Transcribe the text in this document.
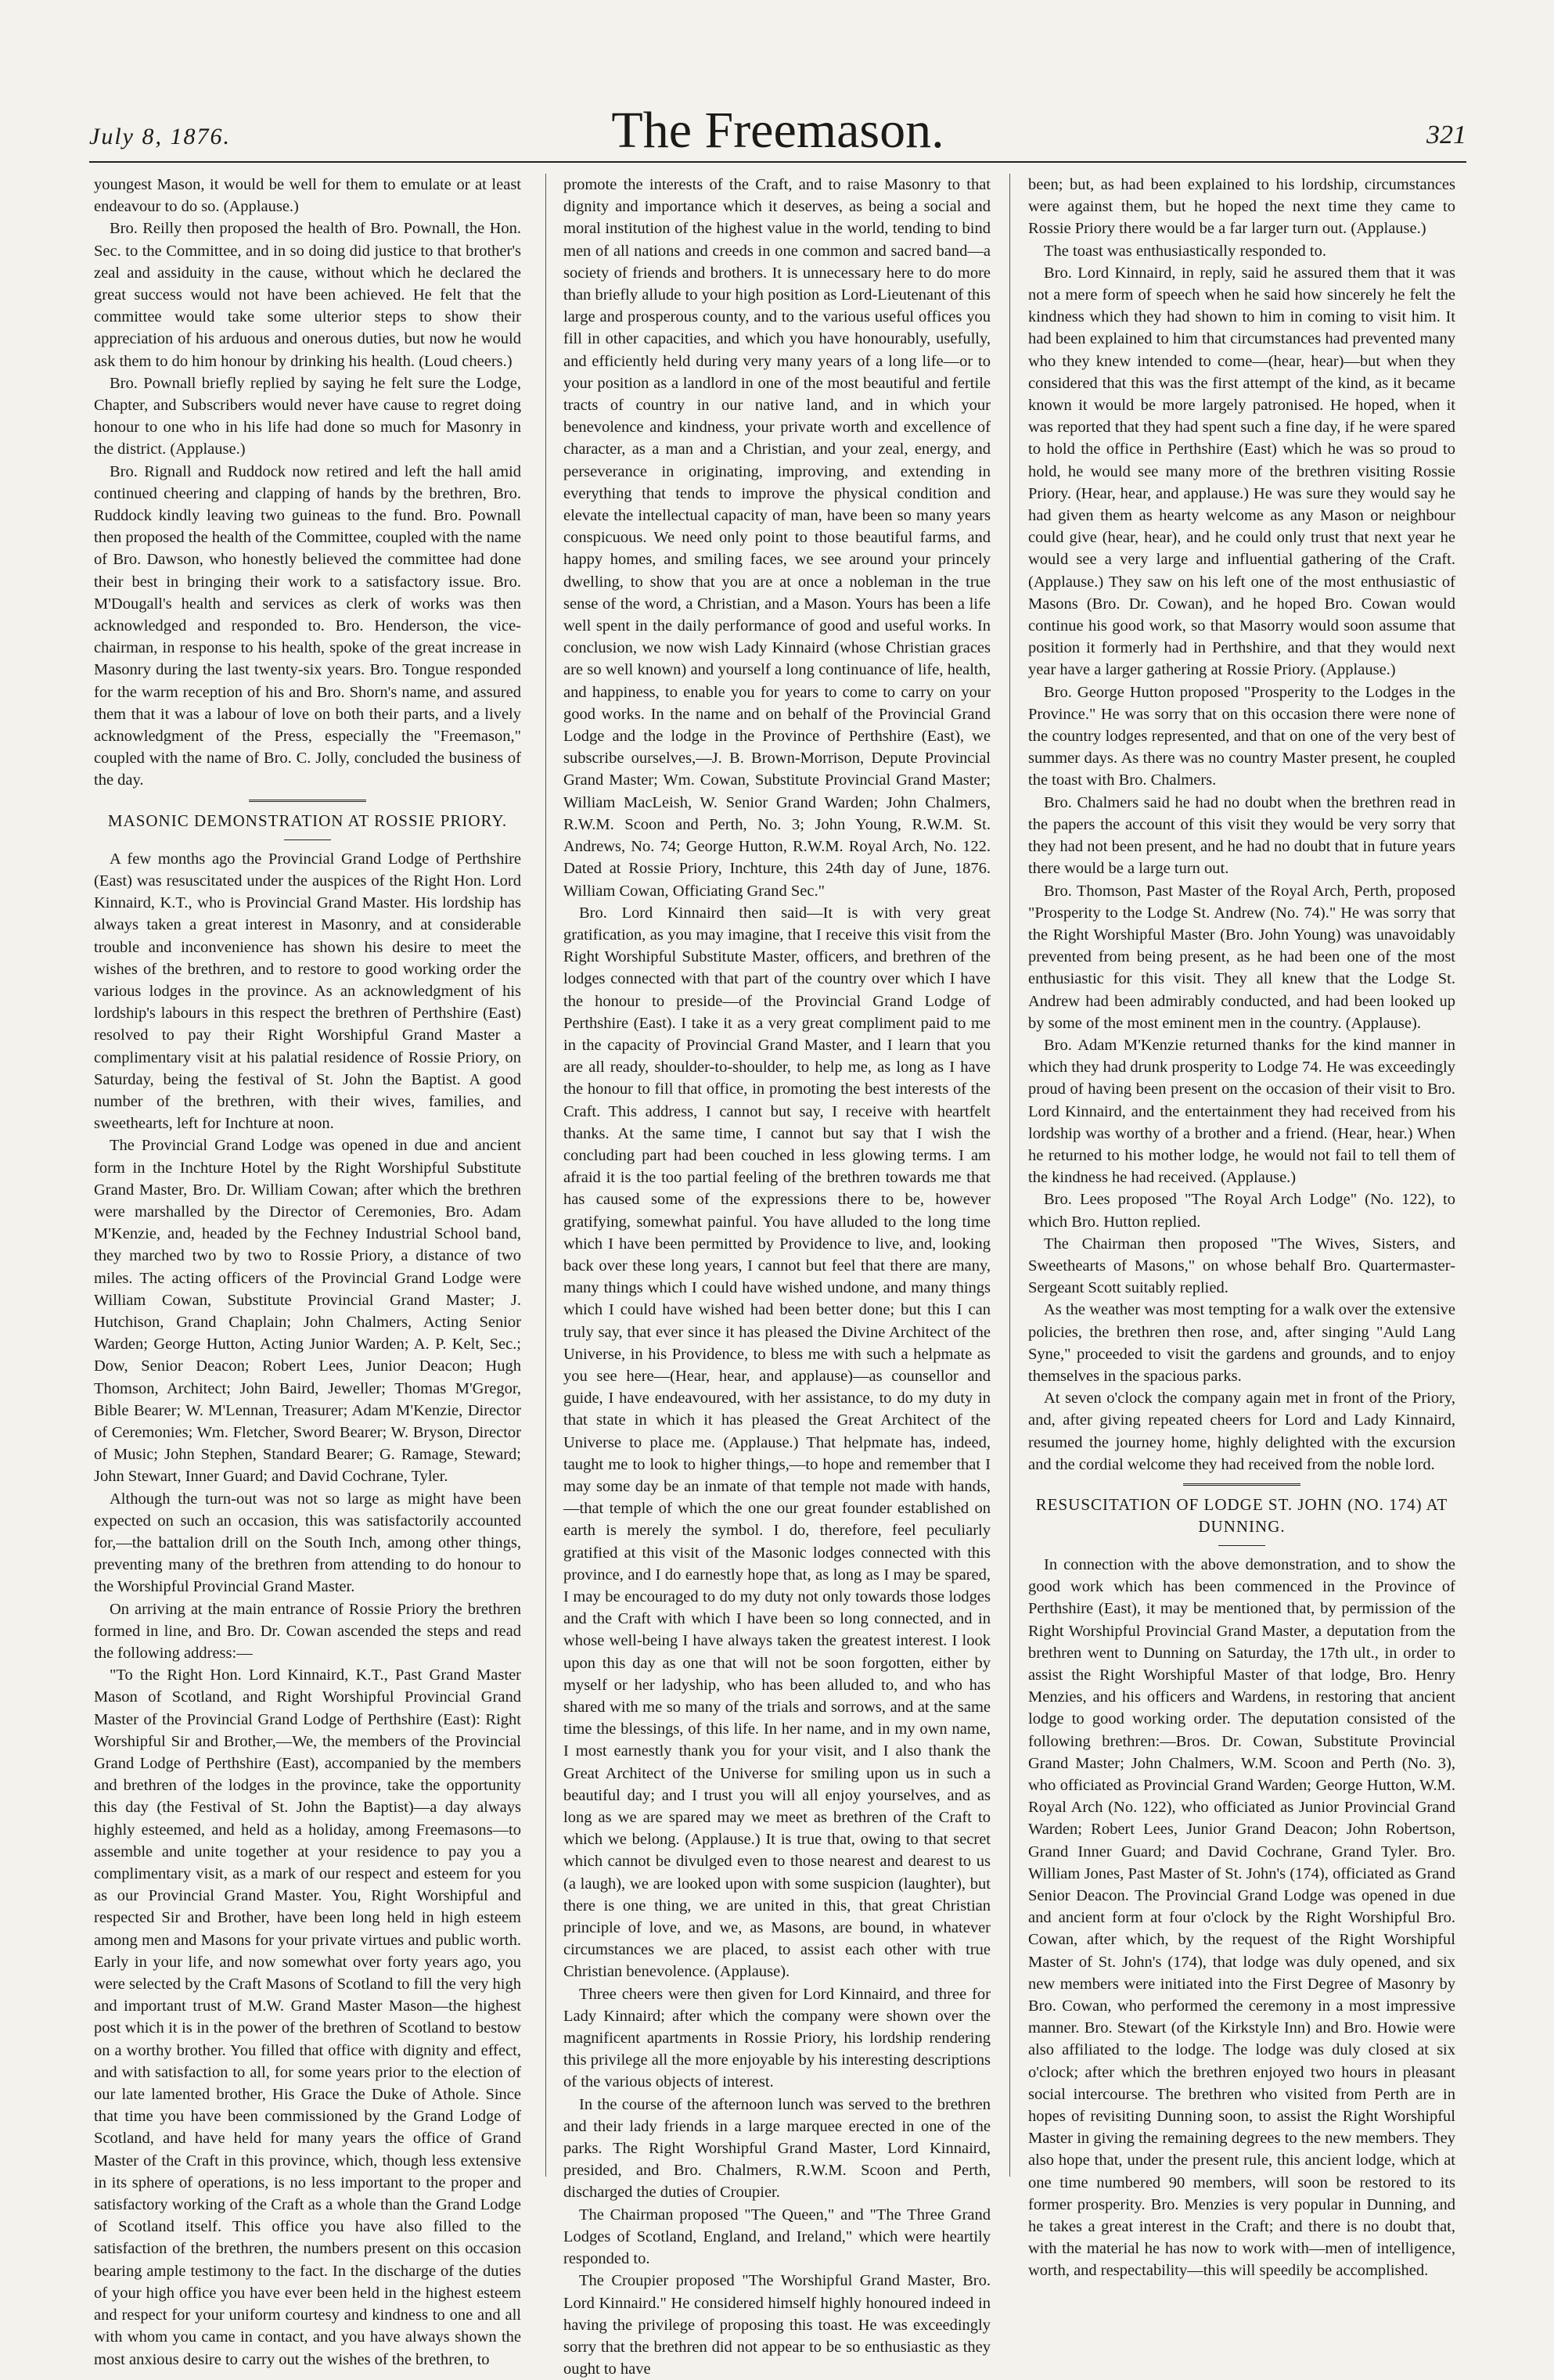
July 8, 1876.	The Freemason.	321

youngest Mason, it would be well for them to emulate or at least endeavour to do so. (Applause.)

Bro. Reilly then proposed the health of Bro. Pownall, the Hon. Sec. to the Committee, and in so doing did justice to that brother's zeal and assiduity in the cause, without which he declared the great success would not have been achieved. He felt that the committee would take some ulterior steps to show their appreciation of his arduous and onerous duties, but now he would ask them to do him honour by drinking his health. (Loud cheers.)

Bro. Pownall briefly replied by saying he felt sure the Lodge, Chapter, and Subscribers would never have cause to regret doing honour to one who in his life had done so much for Masonry in the district. (Applause.)

Bro. Rignall and Ruddock now retired and left the hall amid continued cheering and clapping of hands by the brethren, Bro. Ruddock kindly leaving two guineas to the fund. Bro. Pownall then proposed the health of the Committee, coupled with the name of Bro. Dawson, who honestly believed the committee had done their best in bringing their work to a satisfactory issue. Bro. M'Dougall's health and services as clerk of works was then acknowledged and responded to. Bro. Henderson, the vice-chairman, in response to his health, spoke of the great increase in Masonry during the last twenty-six years. Bro. Tongue responded for the warm reception of his and Bro. Shorn's name, and assured them that it was a labour of love on both their parts, and a lively acknowledgment of the Press, especially the "Freemason," coupled with the name of Bro. C. Jolly, concluded the business of the day.

MASONIC DEMONSTRATION AT ROSSIE PRIORY.

A few months ago the Provincial Grand Lodge of Perthshire (East) was resuscitated under the auspices of the Right Hon. Lord Kinnaird, K.T., who is Provincial Grand Master. His lordship has always taken a great interest in Masonry, and at considerable trouble and inconvenience has shown his desire to meet the wishes of the brethren, and to restore to good working order the various lodges in the province. As an acknowledgment of his lordship's labours in this respect the brethren of Perthshire (East) resolved to pay their Right Worshipful Grand Master a complimentary visit at his palatial residence of Rossie Priory, on Saturday, being the festival of St. John the Baptist. A good number of the brethren, with their wives, families, and sweethearts, left for Inchture at noon.

The Provincial Grand Lodge was opened in due and ancient form in the Inchture Hotel by the Right Worshipful Substitute Grand Master, Bro. Dr. William Cowan; after which the brethren were marshalled by the Director of Ceremonies, Bro. Adam M'Kenzie, and, headed by the Fechney Industrial School band, they marched two by two to Rossie Priory, a distance of two miles. The acting officers of the Provincial Grand Lodge were William Cowan, Substitute Provincial Grand Master; J. Hutchison, Grand Chaplain; John Chalmers, Acting Senior Warden; George Hutton, Acting Junior Warden; A. P. Kelt, Sec.; Dow, Senior Deacon; Robert Lees, Junior Deacon; Hugh Thomson, Architect; John Baird, Jeweller; Thomas M'Gregor, Bible Bearer; W. M'Lennan, Treasurer; Adam M'Kenzie, Director of Ceremonies; Wm. Fletcher, Sword Bearer; W. Bryson, Director of Music; John Stephen, Standard Bearer; G. Ramage, Steward; John Stewart, Inner Guard; and David Cochrane, Tyler.

Although the turn-out was not so large as might have been expected on such an occasion, this was satisfactorily accounted for,—the battalion drill on the South Inch, among other things, preventing many of the brethren from attending to do honour to the Worshipful Provincial Grand Master.

On arriving at the main entrance of Rossie Priory the brethren formed in line, and Bro. Dr. Cowan ascended the steps and read the following address:—

"To the Right Hon. Lord Kinnaird, K.T., Past Grand Master Mason of Scotland, and Right Worshipful Provincial Grand Master of the Provincial Grand Lodge of Perthshire (East): Right Worshipful Sir and Brother,—We, the members of the Provincial Grand Lodge of Perthshire (East), accompanied by the members and brethren of the lodges in the province, take the opportunity this day (the Festival of St. John the Baptist)—a day always highly esteemed, and held as a holiday, among Freemasons—to assemble and unite together at your residence to pay you a complimentary visit, as a mark of our respect and esteem for you as our Provincial Grand Master. You, Right Worshipful and respected Sir and Brother, have been long held in high esteem among men and Masons for your private virtues and public worth. Early in your life, and now somewhat over forty years ago, you were selected by the Craft Masons of Scotland to fill the very high and important trust of M.W. Grand Master Mason—the highest post which it is in the power of the brethren of Scotland to bestow on a worthy brother. You filled that office with dignity and effect, and with satisfaction to all, for some years prior to the election of our late lamented brother, His Grace the Duke of Athole. Since that time you have been commissioned by the Grand Lodge of Scotland, and have held for many years the office of Grand Master of the Craft in this province, which, though less extensive in its sphere of operations, is no less important to the proper and satisfactory working of the Craft as a whole than the Grand Lodge of Scotland itself. This office you have also filled to the satisfaction of the brethren, the numbers present on this occasion bearing ample testimony to the fact. In the discharge of the duties of your high office you have ever been held in the highest esteem and respect for your uniform courtesy and kindness to one and all with whom you came in contact, and you have always shown the most anxious desire to carry out the wishes of the brethren, to

promote the interests of the Craft, and to raise Masonry to that dignity and importance which it deserves, as being a social and moral institution of the highest value in the world, tending to bind men of all nations and creeds in one common and sacred band—a society of friends and brothers. It is unnecessary here to do more than briefly allude to your high position as Lord-Lieutenant of this large and prosperous county, and to the various useful offices you fill in other capacities, and which you have honourably, usefully, and efficiently held during very many years of a long life—or to your position as a landlord in one of the most beautiful and fertile tracts of country in our native land, and in which your benevolence and kindness, your private worth and excellence of character, as a man and a Christian, and your zeal, energy, and perseverance in originating, improving, and extending in everything that tends to improve the physical condition and elevate the intellectual capacity of man, have been so many years conspicuous. We need only point to those beautiful farms, and happy homes, and smiling faces, we see around your princely dwelling, to show that you are at once a nobleman in the true sense of the word, a Christian, and a Mason. Yours has been a life well spent in the daily performance of good and useful works. In conclusion, we now wish Lady Kinnaird (whose Christian graces are so well known) and yourself a long continuance of life, health, and happiness, to enable you for years to come to carry on your good works. In the name and on behalf of the Provincial Grand Lodge and the lodge in the Province of Perthshire (East), we subscribe ourselves,—J. B. Brown-Morrison, Depute Provincial Grand Master; Wm. Cowan, Substitute Provincial Grand Master; William MacLeish, W. Senior Grand Warden; John Chalmers, R.W.M. Scoon and Perth, No. 3; John Young, R.W.M. St. Andrews, No. 74; George Hutton, R.W.M. Royal Arch, No. 122. Dated at Rossie Priory, Inchture, this 24th day of June, 1876. William Cowan, Officiating Grand Sec."

Bro. Lord Kinnaird then said—It is with very great gratification, as you may imagine, that I receive this visit from the Right Worshipful Substitute Master, officers, and brethren of the lodges connected with that part of the country over which I have the honour to preside—of the Provincial Grand Lodge of Perthshire (East). I take it as a very great compliment paid to me in the capacity of Provincial Grand Master, and I learn that you are all ready, shoulder-to-shoulder, to help me, as long as I have the honour to fill that office, in promoting the best interests of the Craft. This address, I cannot but say, I receive with heartfelt thanks. At the same time, I cannot but say that I wish the concluding part had been couched in less glowing terms. I am afraid it is the too partial feeling of the brethren towards me that has caused some of the expressions there to be, however gratifying, somewhat painful. You have alluded to the long time which I have been permitted by Providence to live, and, looking back over these long years, I cannot but feel that there are many, many things which I could have wished undone, and many things which I could have wished had been better done; but this I can truly say, that ever since it has pleased the Divine Architect of the Universe, in his Providence, to bless me with such a helpmate as you see here—(Hear, hear, and applause)—as counsellor and guide, I have endeavoured, with her assistance, to do my duty in that state in which it has pleased the Great Architect of the Universe to place me. (Applause.) That helpmate has, indeed, taught me to look to higher things,—to hope and remember that I may some day be an inmate of that temple not made with hands,—that temple of which the one our great founder established on earth is merely the symbol. I do, therefore, feel peculiarly gratified at this visit of the Masonic lodges connected with this province, and I do earnestly hope that, as long as I may be spared, I may be encouraged to do my duty not only towards those lodges and the Craft with which I have been so long connected, and in whose well-being I have always taken the greatest interest. I look upon this day as one that will not be soon forgotten, either by myself or her ladyship, who has been alluded to, and who has shared with me so many of the trials and sorrows, and at the same time the blessings, of this life. In her name, and in my own name, I most earnestly thank you for your visit, and I also thank the Great Architect of the Universe for smiling upon us in such a beautiful day; and I trust you will all enjoy yourselves, and as long as we are spared may we meet as brethren of the Craft to which we belong. (Applause.) It is true that, owing to that secret which cannot be divulged even to those nearest and dearest to us (a laugh), we are looked upon with some suspicion (laughter), but there is one thing, we are united in this, that great Christian principle of love, and we, as Masons, are bound, in whatever circumstances we are placed, to assist each other with true Christian benevolence. (Applause).

Three cheers were then given for Lord Kinnaird, and three for Lady Kinnaird; after which the company were shown over the magnificent apartments in Rossie Priory, his lordship rendering this privilege all the more enjoyable by his interesting descriptions of the various objects of interest.

In the course of the afternoon lunch was served to the brethren and their lady friends in a large marquee erected in one of the parks. The Right Worshipful Grand Master, Lord Kinnaird, presided, and Bro. Chalmers, R.W.M. Scoon and Perth, discharged the duties of Croupier.

The Chairman proposed "The Queen," and "The Three Grand Lodges of Scotland, England, and Ireland," which were heartily responded to.

The Croupier proposed "The Worshipful Grand Master, Bro. Lord Kinnaird." He considered himself highly honoured indeed in having the privilege of proposing this toast. He was exceedingly sorry that the brethren did not appear to be so enthusiastic as they ought to have

been; but, as had been explained to his lordship, circumstances were against them, but he hoped the next time they came to Rossie Priory there would be a far larger turn out. (Applause.)

The toast was enthusiastically responded to.

Bro. Lord Kinnaird, in reply, said he assured them that it was not a mere form of speech when he said how sincerely he felt the kindness which they had shown to him in coming to visit him. It had been explained to him that circumstances had prevented many who they knew intended to come—(hear, hear)—but when they considered that this was the first attempt of the kind, as it became known it would be more largely patronised. He hoped, when it was reported that they had spent such a fine day, if he were spared to hold the office in Perthshire (East) which he was so proud to hold, he would see many more of the brethren visiting Rossie Priory. (Hear, hear, and applause.) He was sure they would say he had given them as hearty welcome as any Mason or neighbour could give (hear, hear), and he could only trust that next year he would see a very large and influential gathering of the Craft. (Applause.) They saw on his left one of the most enthusiastic of Masons (Bro. Dr. Cowan), and he hoped Bro. Cowan would continue his good work, so that Masorry would soon assume that position it formerly had in Perthshire, and that they would next year have a larger gathering at Rossie Priory. (Applause.)

Bro. George Hutton proposed "Prosperity to the Lodges in the Province." He was sorry that on this occasion there were none of the country lodges represented, and that on one of the very best of summer days. As there was no country Master present, he coupled the toast with Bro. Chalmers.

Bro. Chalmers said he had no doubt when the brethren read in the papers the account of this visit they would be very sorry that they had not been present, and he had no doubt that in future years there would be a large turn out.

Bro. Thomson, Past Master of the Royal Arch, Perth, proposed "Prosperity to the Lodge St. Andrew (No. 74)." He was sorry that the Right Worshipful Master (Bro. John Young) was unavoidably prevented from being present, as he had been one of the most enthusiastic for this visit. They all knew that the Lodge St. Andrew had been admirably conducted, and had been looked up by some of the most eminent men in the country. (Applause).

Bro. Adam M'Kenzie returned thanks for the kind manner in which they had drunk prosperity to Lodge 74. He was exceedingly proud of having been present on the occasion of their visit to Bro. Lord Kinnaird, and the entertainment they had received from his lordship was worthy of a brother and a friend. (Hear, hear.) When he returned to his mother lodge, he would not fail to tell them of the kindness he had received. (Applause.)

Bro. Lees proposed "The Royal Arch Lodge" (No. 122), to which Bro. Hutton replied.

The Chairman then proposed "The Wives, Sisters, and Sweethearts of Masons," on whose behalf Bro. Quartermaster-Sergeant Scott suitably replied.

As the weather was most tempting for a walk over the extensive policies, the brethren then rose, and, after singing "Auld Lang Syne," proceeded to visit the gardens and grounds, and to enjoy themselves in the spacious parks.

At seven o'clock the company again met in front of the Priory, and, after giving repeated cheers for Lord and Lady Kinnaird, resumed the journey home, highly delighted with the excursion and the cordial welcome they had received from the noble lord.

RESUSCITATION OF LODGE ST. JOHN (NO. 174) AT DUNNING.

In connection with the above demonstration, and to show the good work which has been commenced in the Province of Perthshire (East), it may be mentioned that, by permission of the Right Worshipful Provincial Grand Master, a deputation from the brethren went to Dunning on Saturday, the 17th ult., in order to assist the Right Worshipful Master of that lodge, Bro. Henry Menzies, and his officers and Wardens, in restoring that ancient lodge to good working order. The deputation consisted of the following brethren:—Bros. Dr. Cowan, Substitute Provincial Grand Master; John Chalmers, W.M. Scoon and Perth (No. 3), who officiated as Provincial Grand Warden; George Hutton, W.M. Royal Arch (No. 122), who officiated as Junior Provincial Grand Warden; Robert Lees, Junior Grand Deacon; John Robertson, Grand Inner Guard; and David Cochrane, Grand Tyler. Bro. William Jones, Past Master of St. John's (174), officiated as Grand Senior Deacon. The Provincial Grand Lodge was opened in due and ancient form at four o'clock by the Right Worshipful Bro. Cowan, after which, by the request of the Right Worshipful Master of St. John's (174), that lodge was duly opened, and six new members were initiated into the First Degree of Masonry by Bro. Cowan, who performed the ceremony in a most impressive manner. Bro. Stewart (of the Kirkstyle Inn) and Bro. Howie were also affiliated to the lodge. The lodge was duly closed at six o'clock; after which the brethren enjoyed two hours in pleasant social intercourse. The brethren who visited from Perth are in hopes of revisiting Dunning soon, to assist the Right Worshipful Master in giving the remaining degrees to the new members. They also hope that, under the present rule, this ancient lodge, which at one time numbered 90 members, will soon be restored to its former prosperity. Bro. Menzies is very popular in Dunning, and he takes a great interest in the Craft; and there is no doubt that, with the material he has now to work with—men of intelligence, worth, and respectability—this will speedily be accomplished.
